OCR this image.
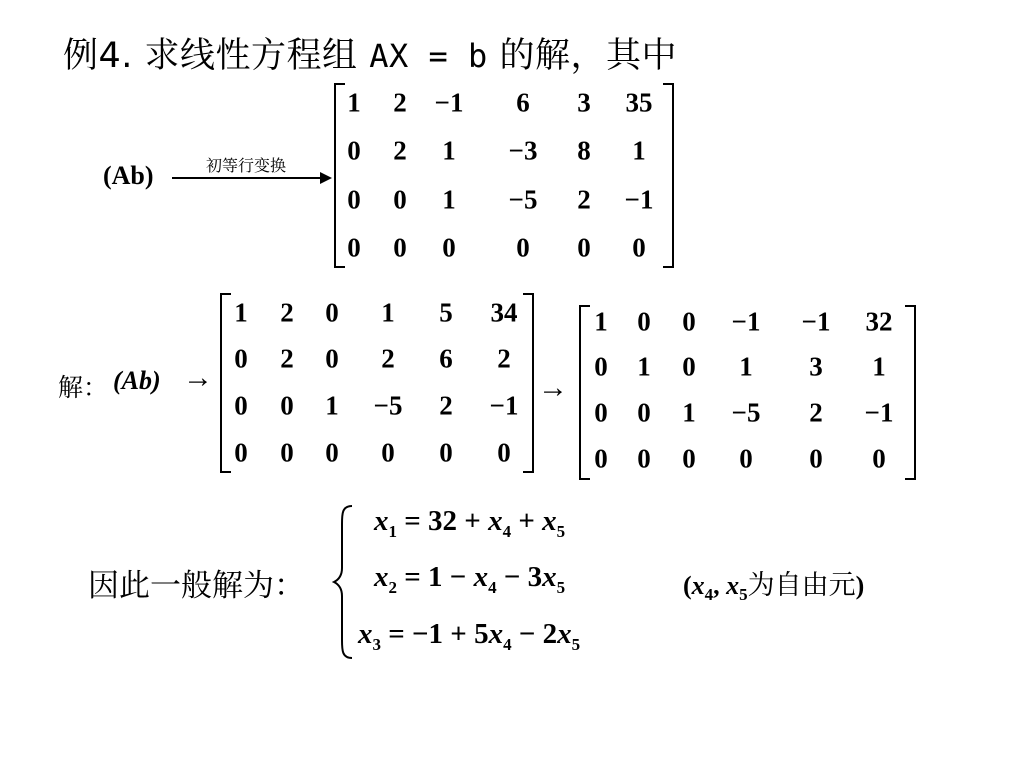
例4. 求线性方程组 AX = b 的解，其中
(Ab)	初等行变换
1 2 −1 6 3 35
0 2 1 −3 8 1
0 0 1 −5 2 −1
0 0 0 0 0 0
解： (Ab) →
1 2 0 1 5 34
0 2 0 2 6 2
0 0 1 −5 2 −1
0 0 0 0 0 0
→
1 0 0 −1 −1 32
0 1 0 1 3 1
0 0 1 −5 2 −1
0 0 0 0 0 0
因此一般解为：
$x_1 = 32 + x_4 + x_5$
$x_2 = 1 - x_4 - 3x_5$
$x_3 = -1 + 5x_4 - 2x_5$
($x_4$, $x_5$为自由元)
